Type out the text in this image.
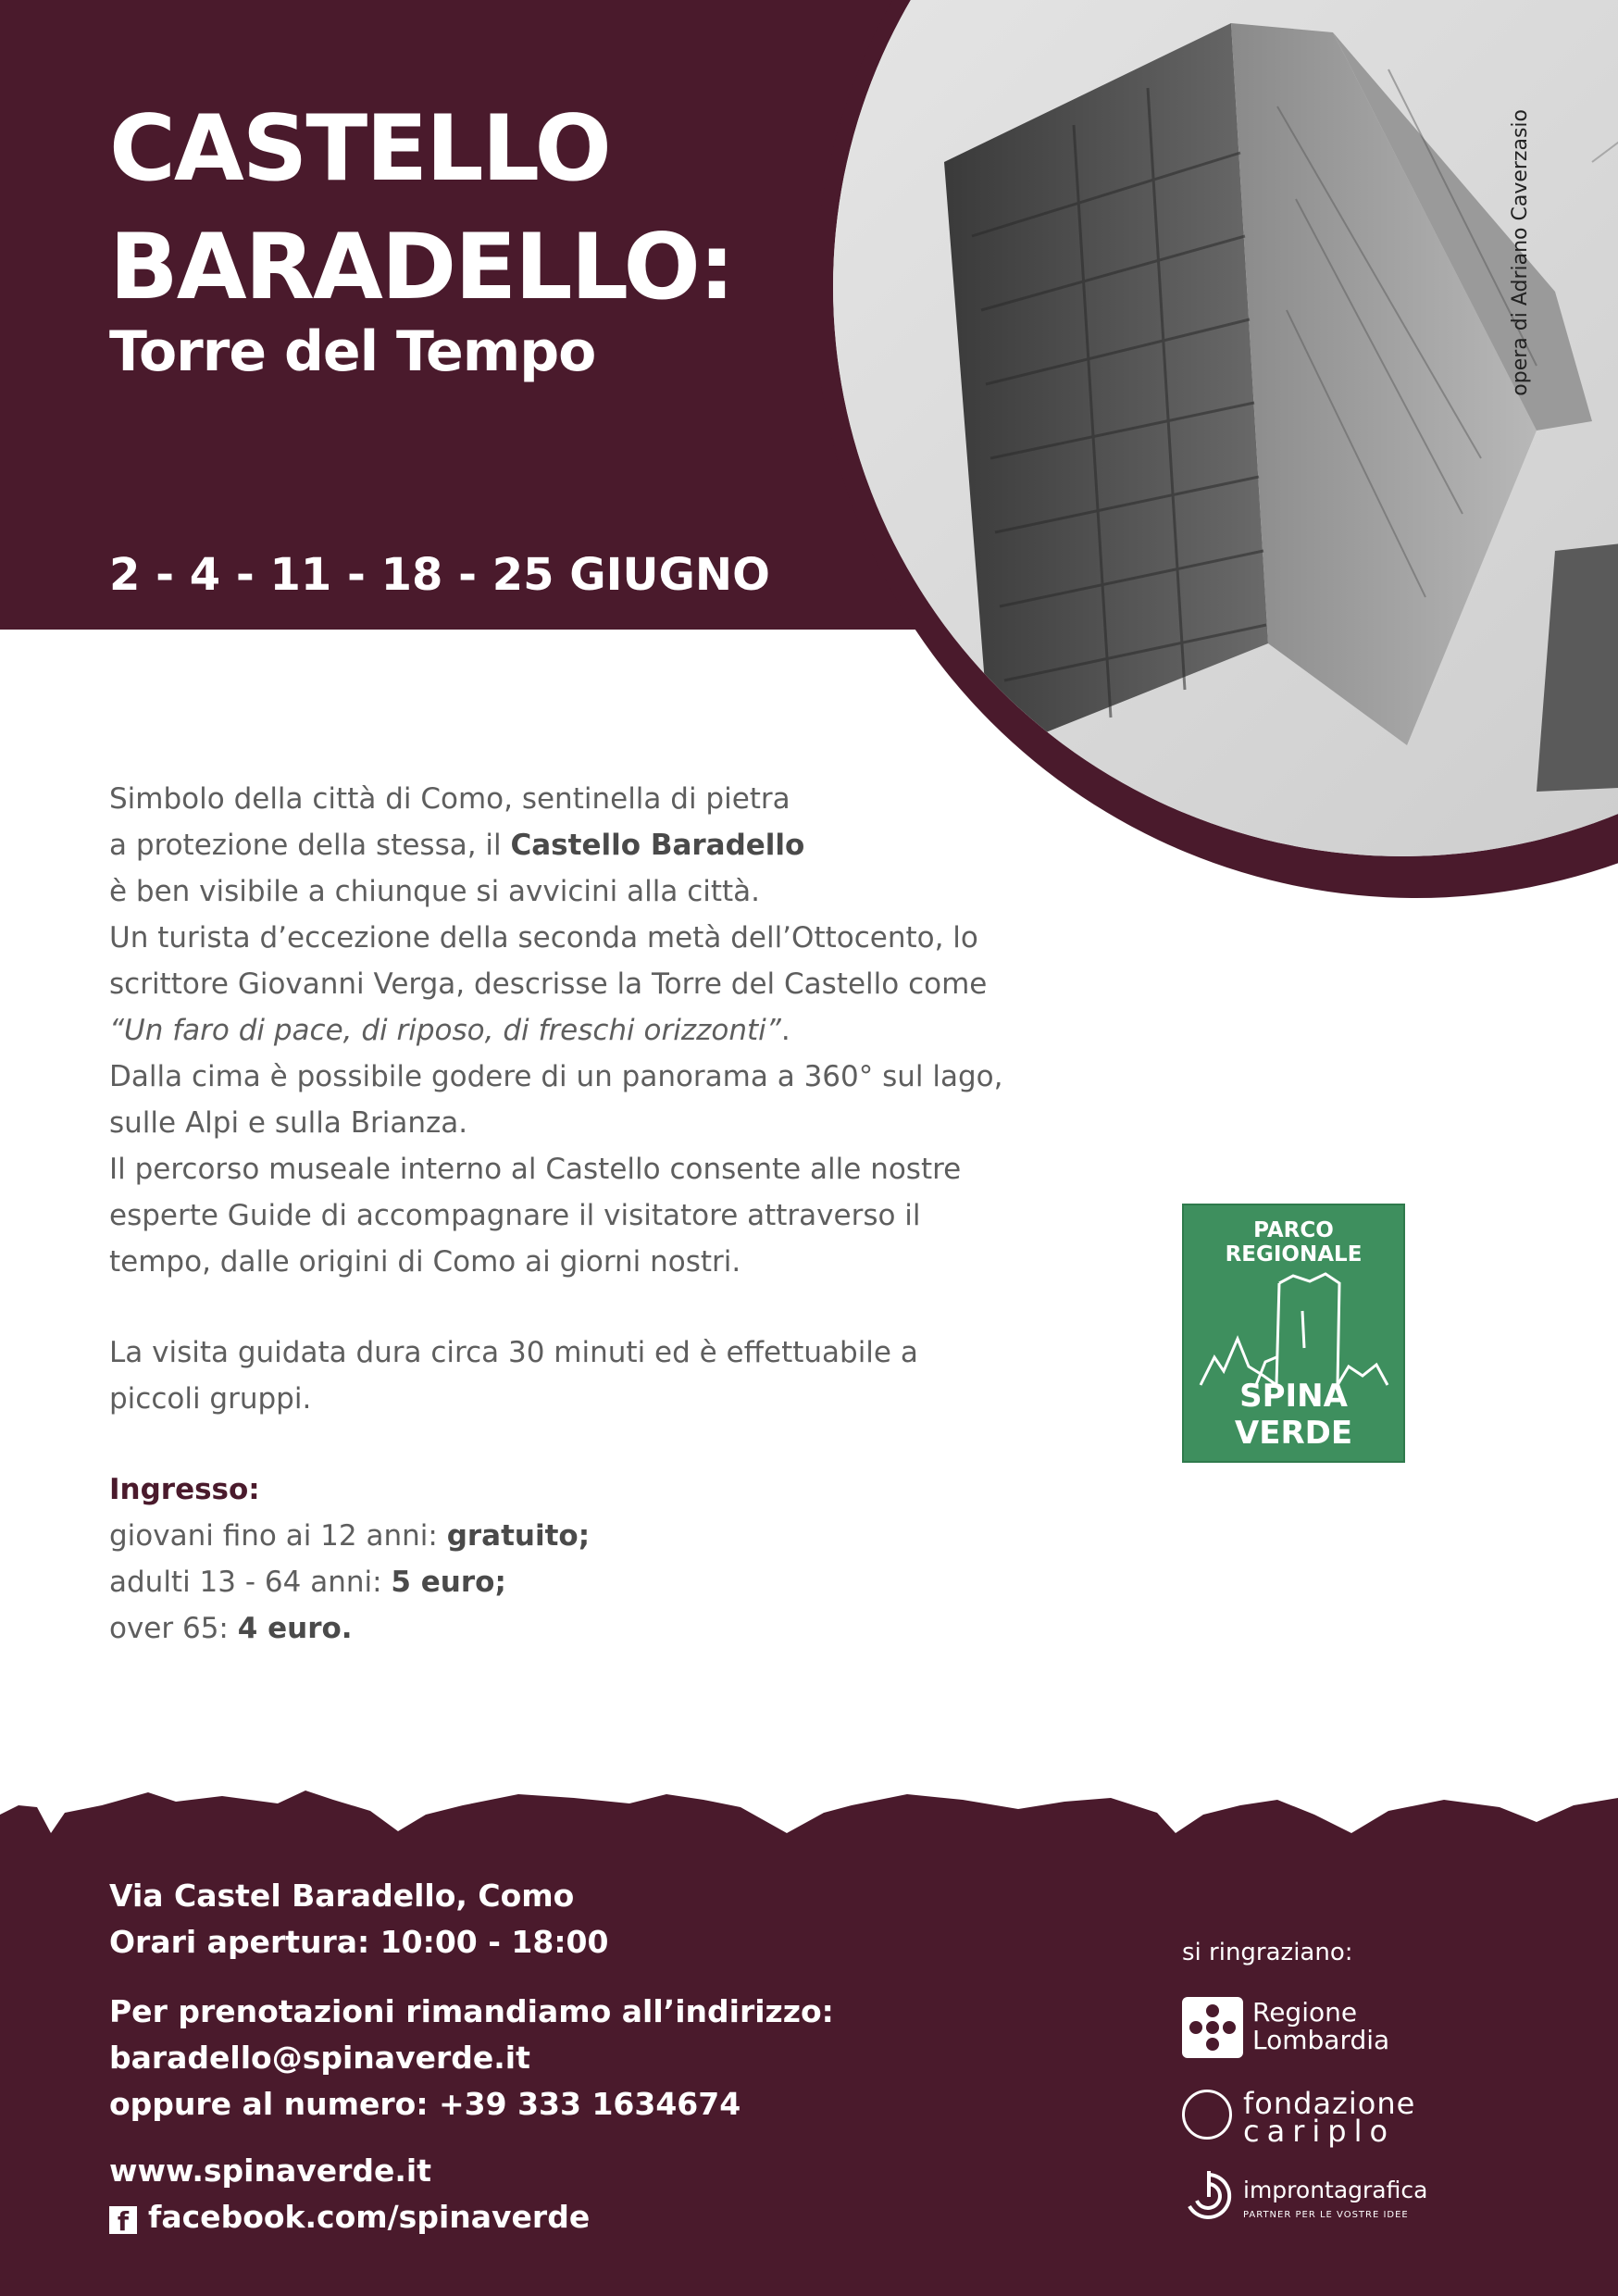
CASTELLO
BARADELLO:
Torre del Tempo
2 - 4 - 11 - 18 - 25 GIUGNO
opera di Adriano Caverzasio

Simbolo della città di Como, sentinella di pietra

a protezione della stessa, il Castello Baradello

è ben visibile a chiunque si avvicini alla città.

Un turista d’eccezione della seconda metà dell’Ottocento, lo

scrittore Giovanni Verga, descrisse la Torre del Castello come

“Un faro di pace, di riposo, di freschi orizzonti”.

Dalla cima è possibile godere di un panorama a 360° sul lago,

sulle Alpi e sulla Brianza.

Il percorso museale interno al Castello consente alle nostre

esperte Guide di accompagnare il visitatore attraverso il

tempo, dalle origini di Como ai giorni nostri.

La visita guidata dura circa 30 minuti ed è effettuabile a

piccoli gruppi.

Ingresso:

giovani fino ai 12 anni: gratuito;

adulti 13 - 64 anni: 5 euro;

over 65: 4 euro.

PARCO REGIONALE
SPINA VERDE
Via Castel Baradello, Como
Orari apertura: 10:00 - 18:00
Per prenotazioni rimandiamo all’indirizzo:
baradello@spinaverde.it
oppure al numero: +39 333 1634674
www.spinaverde.it
f facebook.com/spinaverde
si ringraziano:
Regione
Lombardia
fondazione
cariplo
improntagrafica
PARTNER PER LE VOSTRE IDEE
